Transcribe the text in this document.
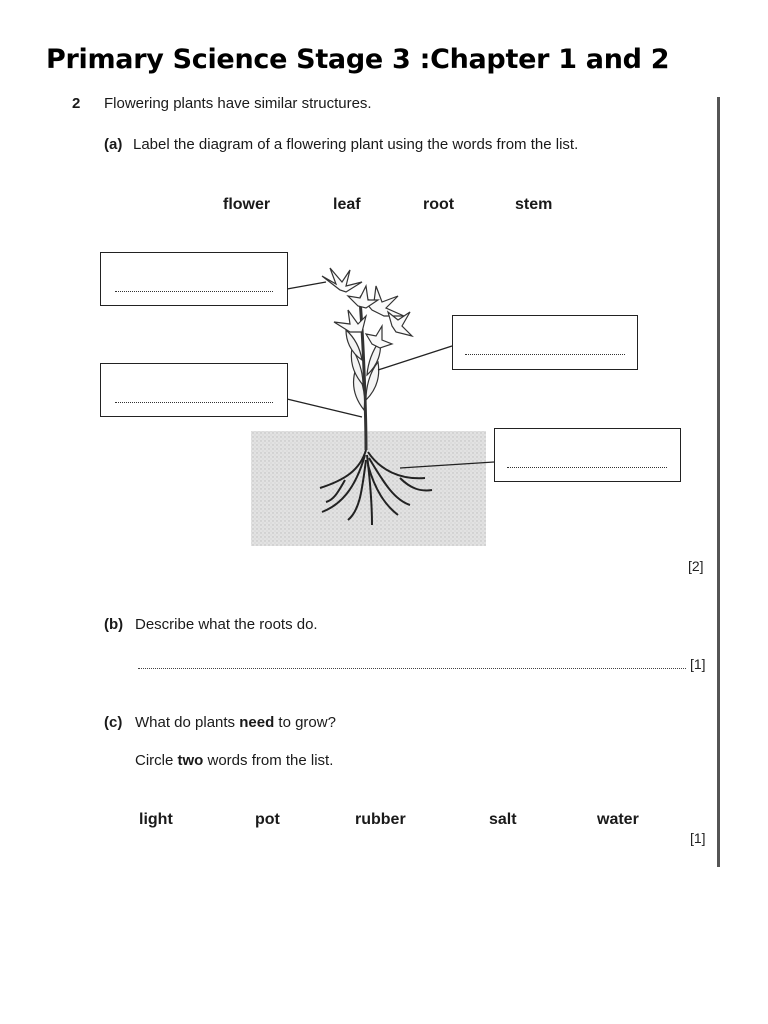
Primary Science Stage 3 :Chapter 1 and 2
2 Flowering plants have similar structures.
(a) Label the diagram of a flowering plant using the words from the list.
flower	leaf	root	stem
[2]
(b) Describe what the roots do.
[1]
(c) What do plants need to grow?
Circle two words from the list.
light	pot	rubber	salt	water
[1]
